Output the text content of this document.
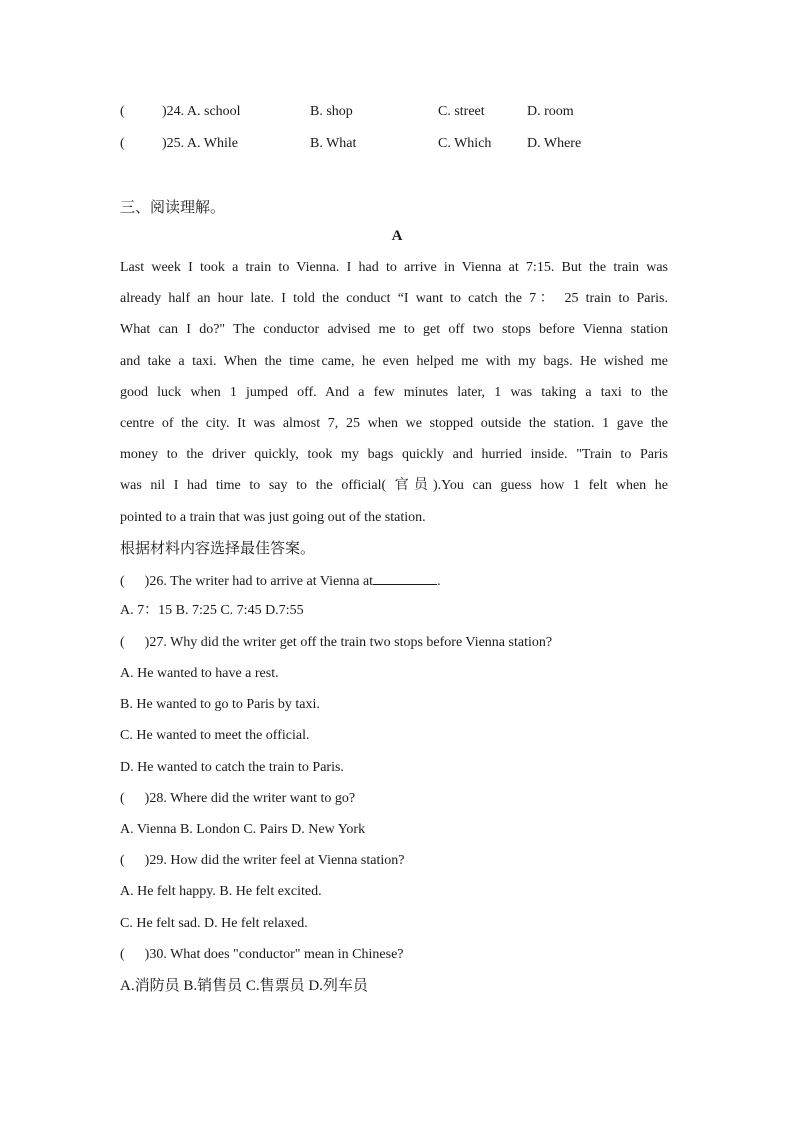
(	)24. A. school	B. shop	C. street	D. room
(	)25. A. While	B. What	C. Which	D. Where
三、阅读理解。
A
Last week I took a train to Vienna. I had to arrive in Vienna at 7:15. But the train was
already half an hour late. I told the conduct “I want to catch the 7： 25 train to Paris.
What can I do?" The conductor advised me to get off two stops before Vienna station
and take a taxi. When the time came, he even helped me with my bags. He wished me
good luck when 1 jumped off. And a few minutes later, 1 was taking a taxi to the
centre of the city. It was almost 7, 25 when we stopped outside the station. 1 gave the
money to the driver quickly, took my bags quickly and hurried inside. "Train to Paris
was nil I had time to say to the official( 官员).You can guess how 1 felt when he
pointed to a train that was just going out of the station.
根据材料内容选择最佳答案。
( )26. The writer had to arrive at Vienna at	.
A. 7：15 B. 7:25 C. 7:45 D.7:55
( )27. Why did the writer get off the train two stops before Vienna station?
A. He wanted to have a rest.
B. He wanted to go to Paris by taxi.
C. He wanted to meet the official.
D. He wanted to catch the train to Paris.
( )28. Where did the writer want to go?
A. Vienna B. London C. Pairs D. New York
( )29. How did the writer feel at Vienna station?
A. He felt happy. B. He felt excited.
C. He felt sad. D. He felt relaxed.
( )30. What does "conductor" mean in Chinese?
A.消防员 B.销售员 C.售票员 D.列车员
